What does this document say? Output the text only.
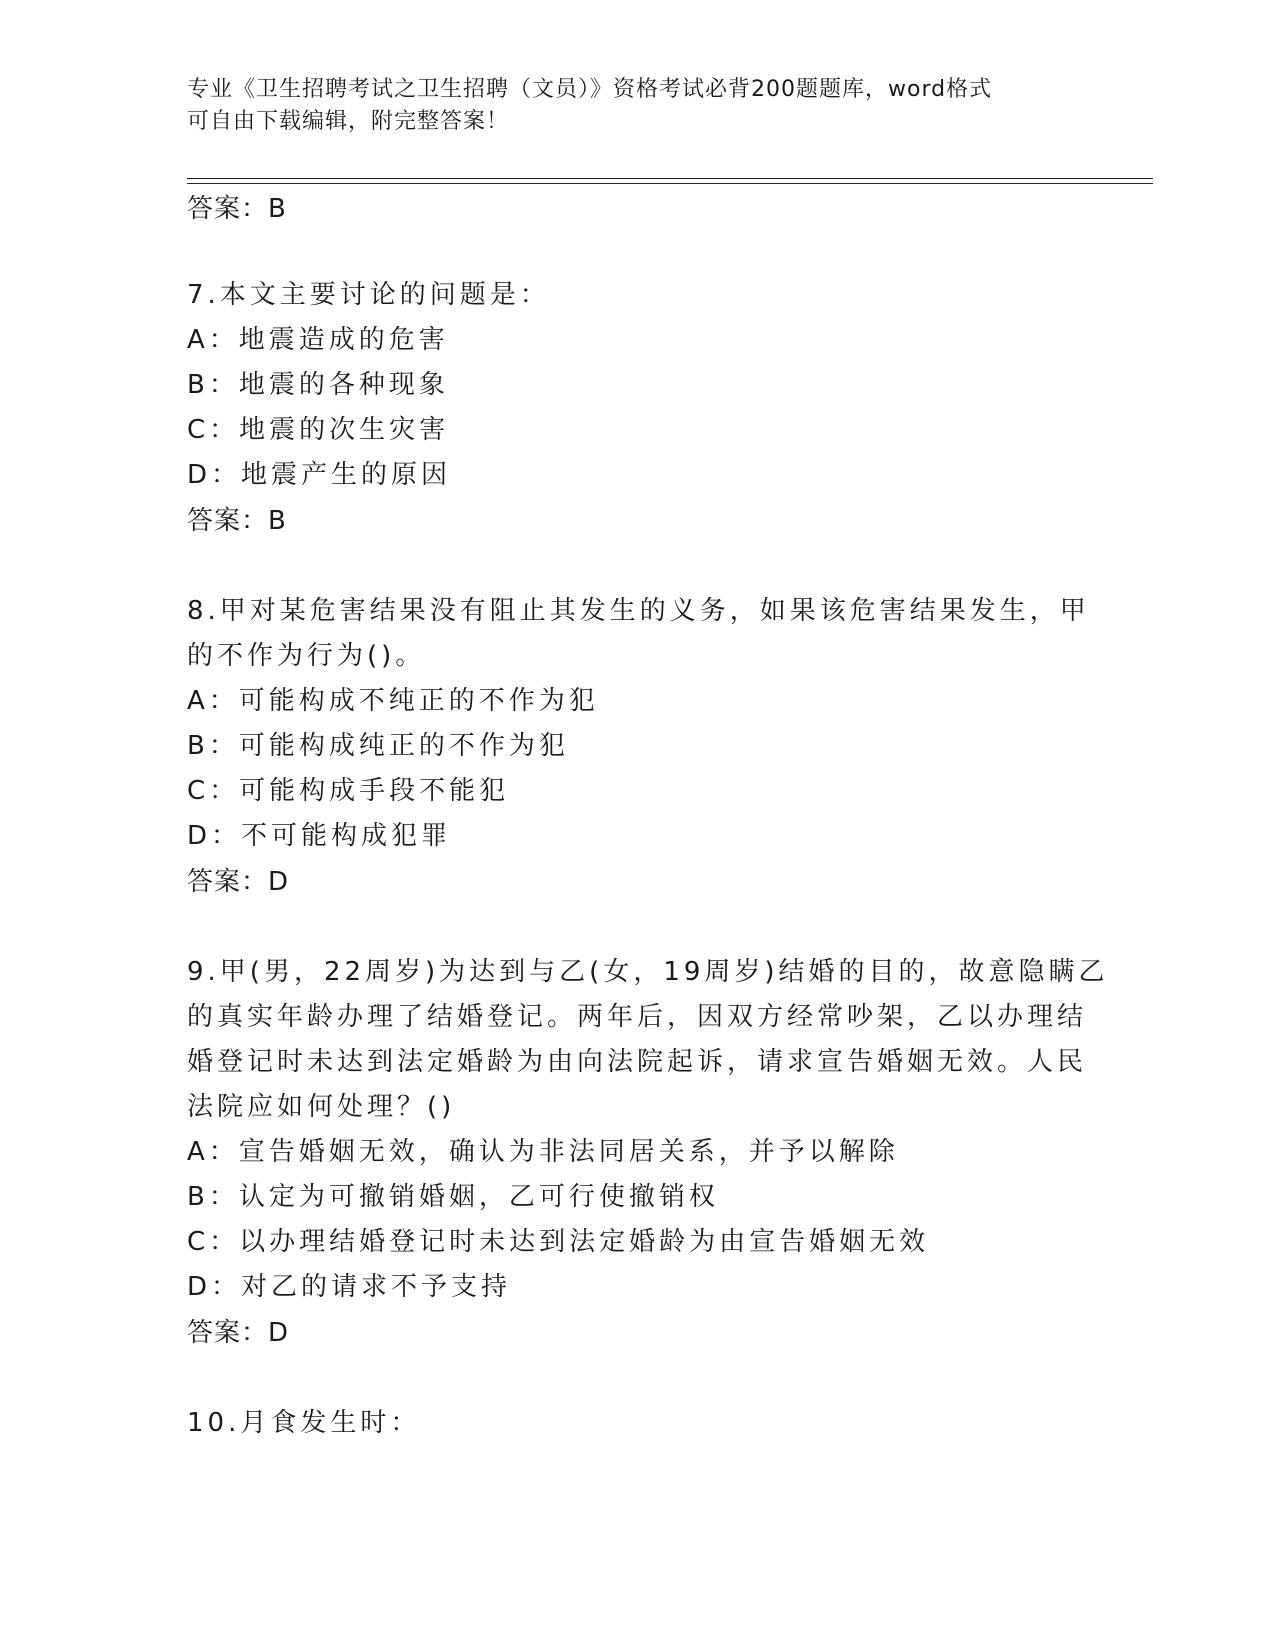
专业《卫生招聘考试之卫生招聘（文员）》资格考试必背200题题库，word格式
可自由下载编辑，附完整答案！
答案：B
7.本文主要讨论的问题是：
A：地震造成的危害
B：地震的各种现象
C：地震的次生灾害
D：地震产生的原因
答案：B
8.甲对某危害结果没有阻止其发生的义务，如果该危害结果发生，甲
的不作为行为()。
A：可能构成不纯正的不作为犯
B：可能构成纯正的不作为犯
C：可能构成手段不能犯
D：不可能构成犯罪
答案：D
9.甲(男，22周岁)为达到与乙(女，19周岁)结婚的目的，故意隐瞒乙
的真实年龄办理了结婚登记。两年后，因双方经常吵架，乙以办理结
婚登记时未达到法定婚龄为由向法院起诉，请求宣告婚姻无效。人民
法院应如何处理？()
A：宣告婚姻无效，确认为非法同居关系，并予以解除
B：认定为可撤销婚姻，乙可行使撤销权
C：以办理结婚登记时未达到法定婚龄为由宣告婚姻无效
D：对乙的请求不予支持
答案：D
10.月食发生时：
